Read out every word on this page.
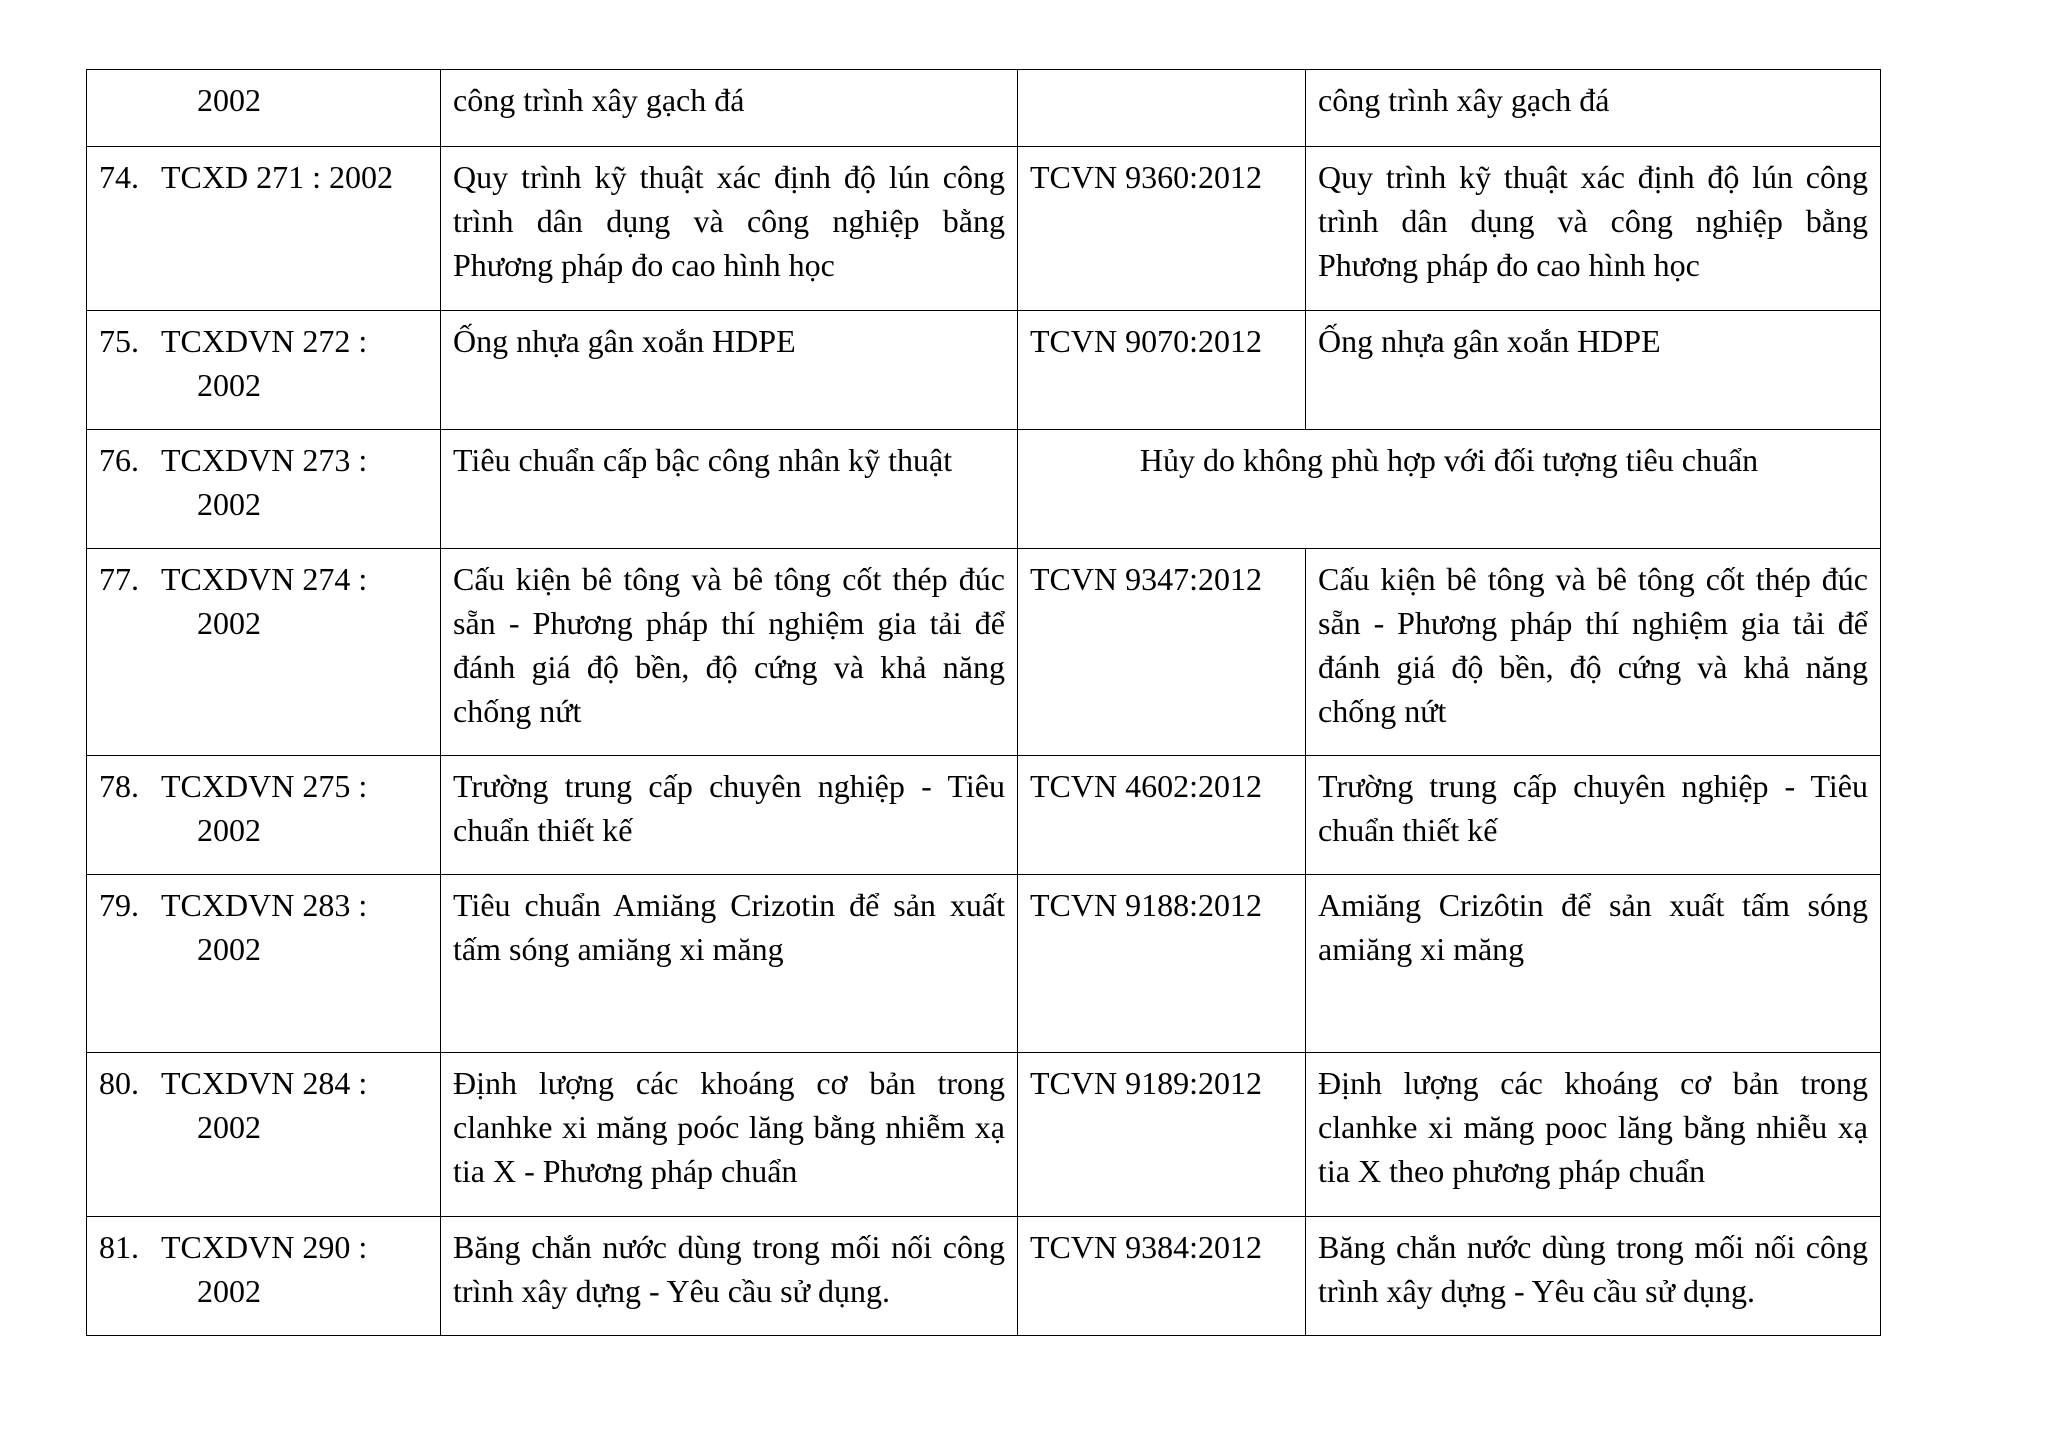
2002	công trình xây gạch đá		công trình xây gạch đá

74. TCXD 271 : 2002	Quy trình kỹ thuật xác định độ lún công trình dân dụng và công nghiệp bằng Phương pháp đo cao hình học	TCVN 9360:2012	Quy trình kỹ thuật xác định độ lún công trình dân dụng và công nghiệp bằng Phương pháp đo cao hình học

75. TCXDVN 272 :
2002	Ống nhựa gân xoắn HDPE	TCVN 9070:2012	Ống nhựa gân xoắn HDPE

76. TCXDVN 273 :
2002	Tiêu chuẩn cấp bậc công nhân kỹ thuật	Hủy do không phù hợp với đối tượng tiêu chuẩn	

77. TCXDVN 274 :
2002	Cấu kiện bê tông và bê tông cốt thép đúc sẵn - Phương pháp thí nghiệm gia tải để đánh giá độ bền, độ cứng và khả năng chống nứt	TCVN 9347:2012	Cấu kiện bê tông và bê tông cốt thép đúc sẵn - Phương pháp thí nghiệm gia tải để đánh giá độ bền, độ cứng và khả năng chống nứt

78. TCXDVN 275 :
2002	Trường trung cấp chuyên nghiệp - Tiêu chuẩn thiết kế	TCVN 4602:2012	Trường trung cấp chuyên nghiệp - Tiêu chuẩn thiết kế

79. TCXDVN 283 :
2002	Tiêu chuẩn Amiăng Crizotin để sản xuất tấm sóng amiăng xi măng	TCVN 9188:2012	Amiăng Crizôtin để sản xuất tấm sóng amiăng xi măng

80. TCXDVN 284 :
2002	Định lượng các khoáng cơ bản trong clanhke xi măng poóc lăng bằng nhiễm xạ tia X - Phương pháp chuẩn	TCVN 9189:2012	Định lượng các khoáng cơ bản trong clanhke xi măng pooc lăng bằng nhiễu xạ tia X theo phương pháp chuẩn

81. TCXDVN 290 :
2002	Băng chắn nước dùng trong mối nối công trình xây dựng - Yêu cầu sử dụng.	TCVN 9384:2012	Băng chắn nước dùng trong mối nối công trình xây dựng - Yêu cầu sử dụng.
